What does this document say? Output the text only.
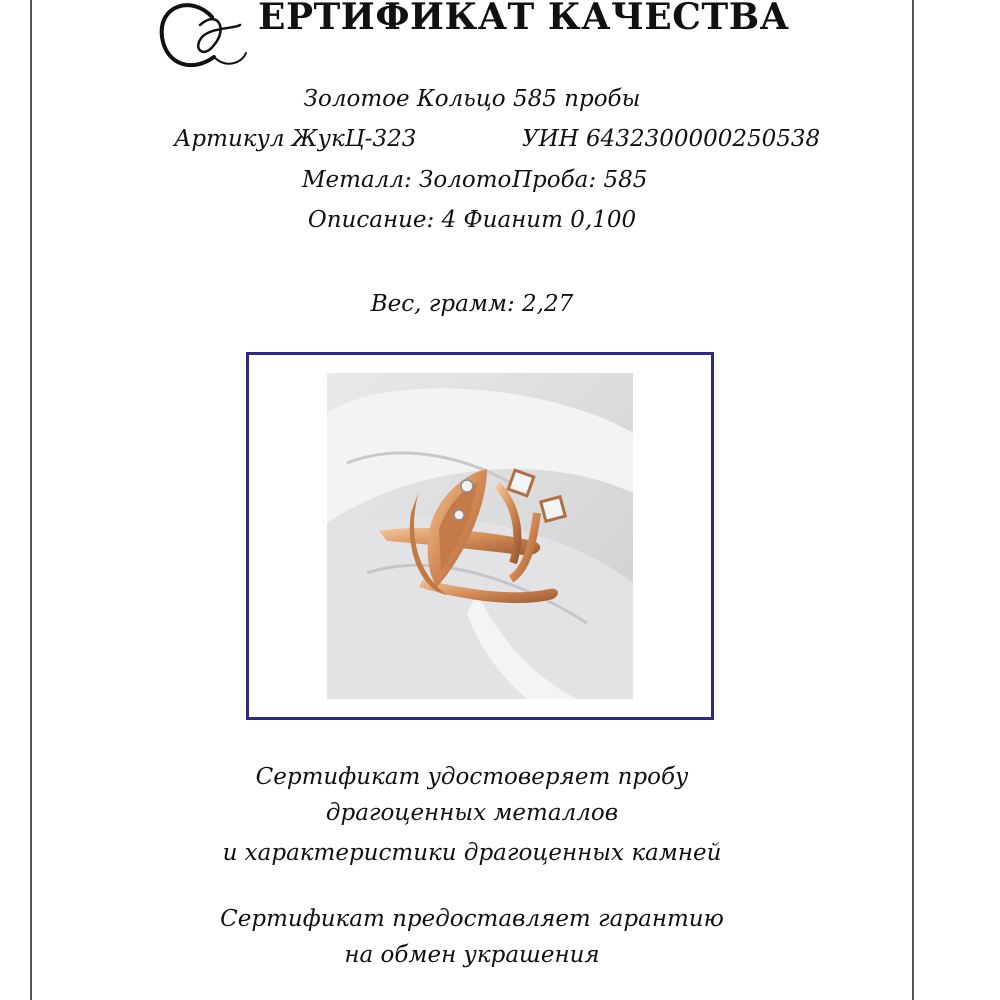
ЕРТИФИКАТ КАЧЕСТВА
Золотое Кольцо 585 пробы
Артикул ЖукЦ-323	УИН 6432300000250538
Металл: Золото Проба: 585
Описание: 4 Фианит 0,100
Вес, грамм: 2,27
Сертификат удостоверяет пробу
драгоценных металлов
и характеристики драгоценных камней
Сертификат предоставляет гарантию
на обмен украшения
